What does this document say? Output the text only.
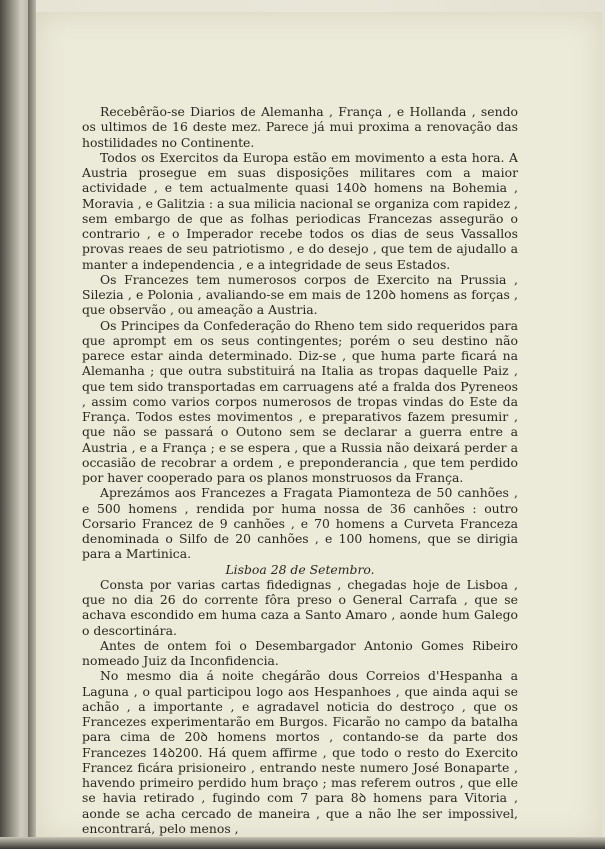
Recebêrão-se Diarios de Alemanha , França , e Hollanda , sendo os ultimos de 16 deste mez. Parece já mui proxima a renovação das hostilidades no Continente.

Todos os Exercitos da Europa estão em movimento a esta hora. A Austria prosegue em suas disposições militares com a maior actividade , e tem actualmente quasi 140ꝺ homens na Bohemia , Moravia , e Galitzia : a sua milicia nacional se organiza com rapidez , sem embargo de que as folhas periodicas Francezas asseguräo o contrario , e o Imperador recebe todos os dias de seus Vassallos provas reaes de seu patriotismo , e do desejo , que tem de ajudallo a manter a independencia , e a integridade de seus Estados.

Os Francezes tem numerosos corpos de Exercito na Prussia , Silezia , e Polonia , avaliando-se em mais de 120ꝺ homens as forças , que observão , ou ameação a Austria.

Os Principes da Confederação do Rheno tem sido requeridos para que aprompt em os seus contingentes; porém o seu destino não parece estar ainda determinado. Diz-se , que huma parte ficará na Alemanha ; que outra substituirá na Italia as tropas daquelle Paiz , que tem sido transportadas em carruagens até a fralda dos Pyreneos , assim como varios corpos numerosos de tropas vindas do Este da França. Todos estes movimentos , e preparativos fazem presumir , que não se passará o Outono sem se declarar a guerra entre a Austria , e a França ; e se espera , que a Russia não deixará perder a occasião de recobrar a ordem , e preponderancia , que tem perdido por haver cooperado para os planos monstruosos da França.

Aprezámos aos Francezes a Fragata Piamonteza de 50 canhões , e 500 homens , rendida por huma nossa de 36 canhões : outro Corsario Francez de 9 canhões , e 70 homens a Curveta Franceza denominada o Silfo de 20 canhões , e 100 homens, que se dirigia para a Martinica.

Lisboa 28 de Setembro.

Consta por varias cartas fidedignas , chegadas hoje de Lisboa , que no dia 26 do corrente fôra preso o General Carrafa , que se achava escondido em huma caza a Santo Amaro , aonde hum Galego o descortinára.

Antes de ontem foi o Desembargador Antonio Gomes Ribeiro nomeado Juiz da Inconfidencia.

No mesmo dia á noite chegárão dous Correios d'Hespanha a Laguna , o qual participou logo aos Hespanhoes , que ainda aqui se achão , a importante , e agradavel noticia do destroço , que os Francezes experimentarão em Burgos. Ficarão no campo da batalha para cima de 20ꝺ homens mortos , contando-se da parte dos Francezes 14ꝺ200. Há quem affirme , que todo o resto do Exercito Francez ficára prisioneiro , entrando neste numero José Bonaparte , havendo primeiro perdido hum braço ; mas referem outros , que elle se havia retirado , fugindo com 7 para 8ꝺ homens para Vitoria , aonde se acha cercado de maneira , que a não lhe ser impossivel, encontrará, pelo menos ,
